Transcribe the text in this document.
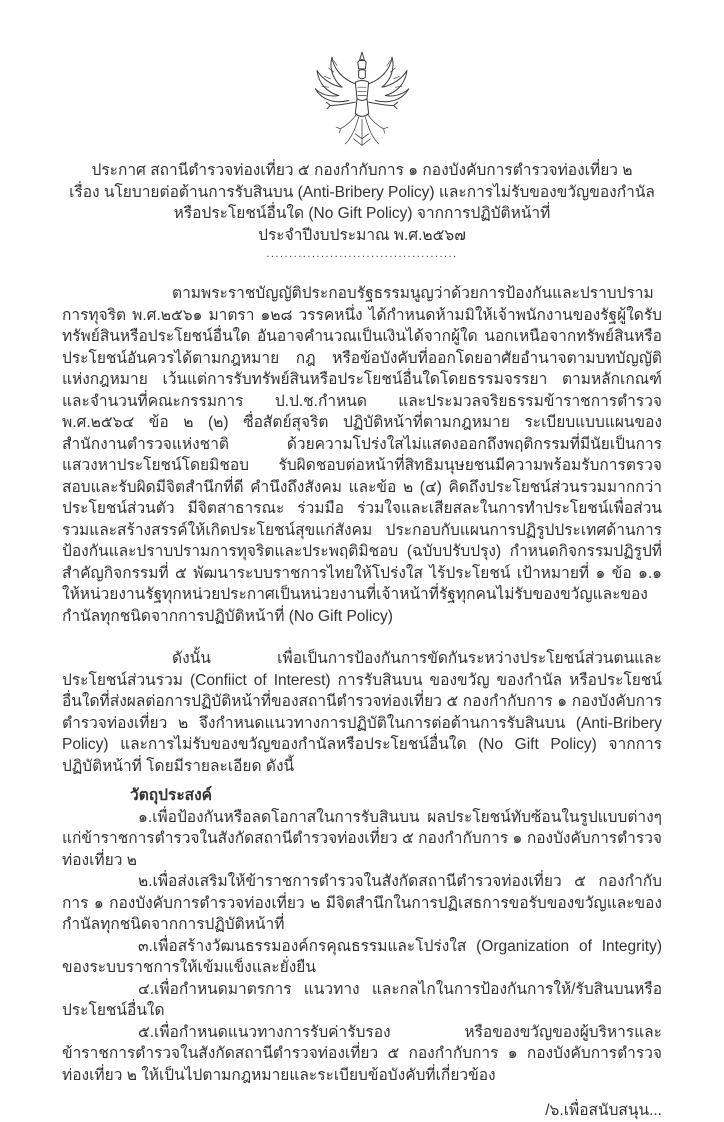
ประกาศ สถานีตำรวจท่องเที่ยว ๕ กองกำกับการ ๑ กองบังคับการตำรวจท่องเที่ยว ๒
เรื่อง นโยบายต่อต้านการรับสินบน (Anti-Bribery Policy) และการไม่รับของขวัญของกำนัล
หรือประโยชน์อื่นใด (No Gift Policy) จากการปฏิบัติหน้าที่
ประจำปีงบประมาณ พ.ศ.๒๕๖๗
..........................................

ตามพระราชบัญญัติประกอบรัฐธรรมนูญว่าด้วยการป้องกันและปราบปรามการทุจริต พ.ศ.๒๕๖๑ มาตรา ๑๒๘ วรรคหนึ่ง ได้กำหนดห้ามมิให้เจ้าพนักงานของรัฐผู้ใดรับทรัพย์สินหรือประโยชน์อื่นใด อันอาจคำนวณเป็นเงินได้จากผู้ใด นอกเหนือจากทรัพย์สินหรือประโยชน์อันควรได้ตามกฎหมาย กฎ หรือข้อบังคับที่ออกโดยอาศัยอำนาจตามบทบัญญัติแห่งกฎหมาย เว้นแต่การรับทรัพย์สินหรือประโยชน์อื่นใดโดยธรรมจรรยา ตามหลักเกณฑ์และจำนวนที่คณะกรรมการ ป.ป.ช.กำหนด และประมวลจริยธรรมข้าราชการตำรวจ พ.ศ.๒๕๖๔ ข้อ ๒ (๒) ซื่อสัตย์สุจริต ปฏิบัติหน้าที่ตามกฎหมาย ระเบียบแบบแผนของสำนักงานตำรวจแห่งชาติ ด้วยความโปร่งใสไม่แสดงออกถึงพฤติกรรมที่มีนัยเป็นการแสวงหาประโยชน์โดยมิชอบ รับผิดชอบต่อหน้าที่สิทธิมนุษยชนมีความพร้อมรับการตรวจสอบและรับผิดมีจิตสำนึกที่ดี คำนึงถึงสังคม และข้อ ๒ (๔) คิดถึงประโยชน์ส่วนรวมมากกว่าประโยชน์ส่วนตัว มีจิตสาธารณะ ร่วมมือ ร่วมใจและเสียสละในการทำประโยชน์เพื่อส่วนรวมและสร้างสรรค์ให้เกิดประโยชน์สุขแก่สังคม ประกอบกับแผนการปฏิรูปประเทศด้านการป้องกันและปราบปรามการทุจริตและประพฤติมิชอบ (ฉบับปรับปรุง) กำหนดกิจกรรมปฏิรูปที่สำคัญกิจกรรมที่ ๕ พัฒนาระบบราชการไทยให้โปร่งใส ไร้ประโยชน์ เป้าหมายที่ ๑ ข้อ ๑.๑ ให้หน่วยงานรัฐทุกหน่วยประกาศเป็นหน่วยงานที่เจ้าหน้าที่รัฐทุกคนไม่รับของขวัญและของกำนัลทุกชนิดจากการปฏิบัติหน้าที่ (No Gift Policy)

ดังนั้น เพื่อเป็นการป้องกันการขัดกันระหว่างประโยชน์ส่วนตนและประโยชน์ส่วนรวม (Confiict of Interest) การรับสินบน ของขวัญ ของกำนัล หรือประโยชน์อื่นใดที่ส่งผลต่อการปฏิบัติหน้าที่ของสถานีตำรวจท่องเที่ยว ๕ กองกำกับการ ๑ กองบังคับการตำรวจท่องเที่ยว ๒ จึงกำหนดแนวทางการปฏิบัติในการต่อต้านการรับสินบน (Anti-Bribery Policy) และการไม่รับของขวัญของกำนัลหรือประโยชน์อื่นใด (No Gift Policy) จากการปฏิบัติหน้าที่ โดยมีรายละเอียด ดังนี้

วัตถุประสงค์

๑.เพื่อป้องกันหรือลดโอกาสในการรับสินบน ผลประโยชน์ทับซ้อนในรูปแบบต่างๆ แก่ข้าราชการตำรวจในสังกัดสถานีตำรวจท่องเที่ยว ๕ กองกำกับการ ๑ กองบังคับการตำรวจท่องเที่ยว ๒

๒.เพื่อส่งเสริมให้ข้าราชการตำรวจในสังกัดสถานีตำรวจท่องเที่ยว ๕ กองกำกับการ ๑ กองบังคับการตำรวจท่องเที่ยว ๒ มีจิตสำนึกในการปฏิเสธการขอรับของขวัญและของกำนัลทุกชนิดจากการปฏิบัติหน้าที่

๓.เพื่อสร้างวัฒนธรรมองค์กรคุณธรรมและโปร่งใส (Organization of Integrity) ของระบบราชการให้เข้มแข็งและยั่งยืน

๔.เพื่อกำหนดมาตรการ แนวทาง และกลไกในการป้องกันการให้/รับสินบนหรือประโยชน์อื่นใด

๕.เพื่อกำหนดแนวทางการรับค่ารับรอง หรือของขวัญของผู้บริหารและข้าราชการตำรวจในสังกัดสถานีตำรวจท่องเที่ยว ๕ กองกำกับการ ๑ กองบังคับการตำรวจท่องเที่ยว ๒ ให้เป็นไปตามกฎหมายและระเบียบข้อบังคับที่เกี่ยวข้อง

/๖.เพื่อสนับสนุน...
